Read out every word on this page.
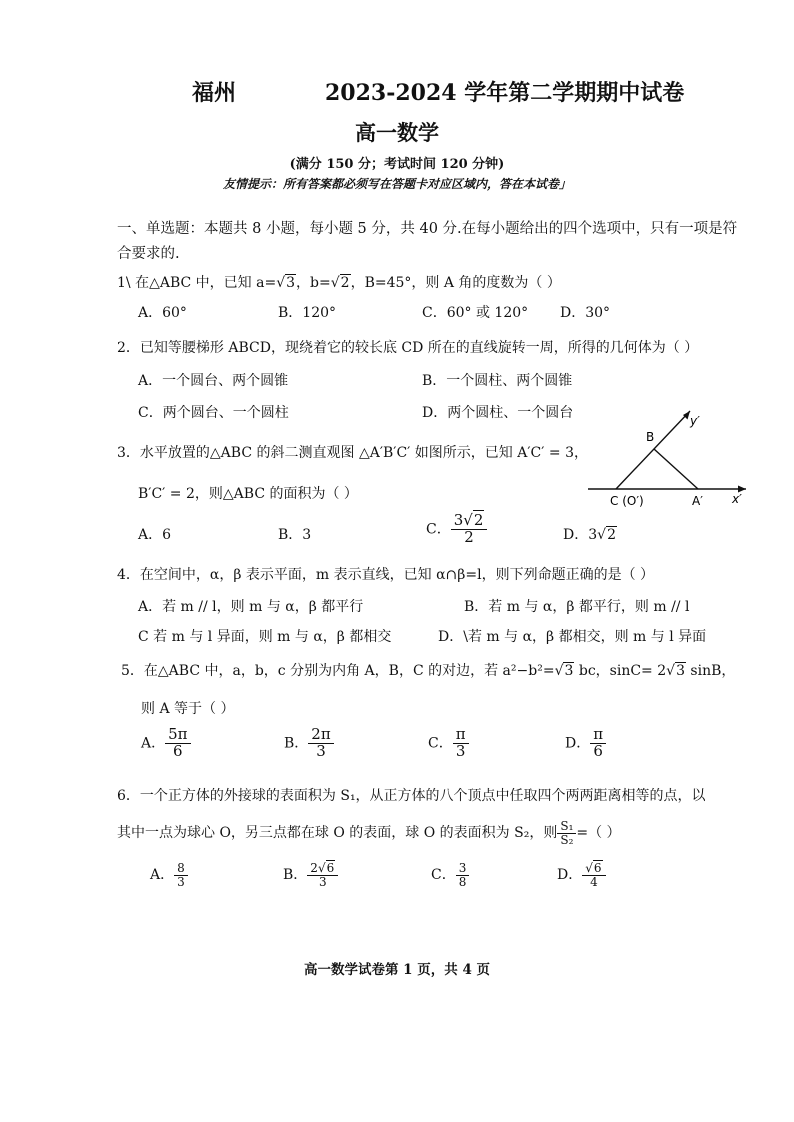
福州	2023-2024 学年第二学期期中试卷
高一数学
(满分 150 分；考试时间 120 分钟)
友情提示：所有答案都必须写在答题卡对应区域内，答在本试卷」
一、单选题：本题共 8 小题，每小题 5 分，共 40 分.在每小题给出的四个选项中，只有一项是符
合要求的.
1\ 在△ABC 中，已知 a=√3，b=√2，B=45°，则 A 角的度数为（ ）
A．60°	B．120°	C．60° 或 120° D．30°
2．已知等腰梯形 ABCD，现绕着它的较长底 CD 所在的直线旋转一周，所得的几何体为（ ）
A．一个圆台、两个圆锥	B．一个圆柱、两个圆锥
C．两个圆台、一个圆柱	D．两个圆柱、一个圆台
3．水平放置的△ABC 的斜二测直观图 △A′B′C′ 如图所示，已知 A′C′ = 3，
B′C′ = 2，则△ABC 的面积为（ ）
y′
x′
B
C (O′)	A′
A．6	B．3	C． $\frac{3√2}{2}$	D．3√2
4．在空间中，α，β 表示平面，m 表示直线，已知 α∩β=l，则下列命题正确的是（ ）
A．若 m // l，则 m 与 α，β 都平行	B．若 m 与 α，β 都平行，则 m // l
C 若 m 与 l 异面，则 m 与 α，β 都相交	D．\若 m 与 α，β 都相交，则 m 与 l 异面
5．在△ABC 中，a，b，c 分别为内角 A，B，C 的对边，若 a²−b²=√3 bc，sinC= 2√3 sinB，
则 A 等于（ ）
A． $\frac{5\pi}{6}$	B． $\frac{2\pi}{3}$	C． $\frac{\pi}{3}$	D． $\frac{\pi}{6}$
6．一个正方体的外接球的表面积为 S₁，从正方体的八个顶点中任取四个两两距离相等的点，以
其中一点为球心 O，另三点都在球 O 的表面，球 O 的表面积为 S₂，则 $\frac{\text{S₁}}{\text{S₂}}$ =（ ）
A． $\frac{8}{3}$	B． $\frac{2√6}{3}$	C． $\frac{3}{8}$	D． $\frac{√6}{4}$
高一数学试卷第 1 页，共 4 页
